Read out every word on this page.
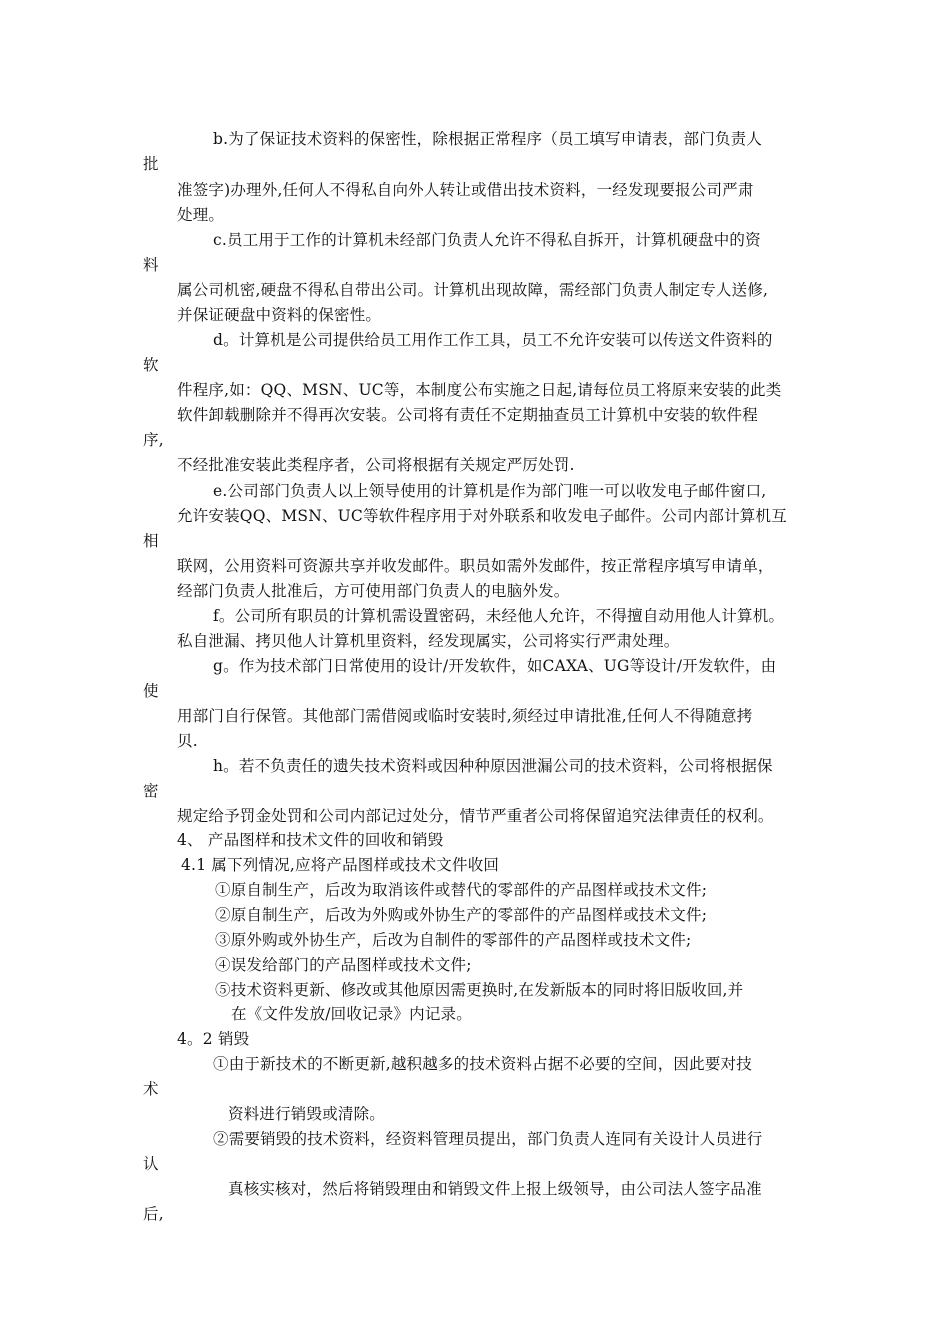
b.为了保证技术资料的保密性，除根据正常程序（员工填写申请表，部门负责人
批
准签字)办理外,任何人不得私自向外人转让或借出技术资料，一经发现要报公司严肃
处理。
c.员工用于工作的计算机未经部门负责人允许不得私自拆开，计算机硬盘中的资
料
属公司机密,硬盘不得私自带出公司。计算机出现故障，需经部门负责人制定专人送修,
并保证硬盘中资料的保密性。
d。计算机是公司提供给员工用作工作工具，员工不允许安装可以传送文件资料的
软
件程序,如：QQ、MSN、UC等，本制度公布实施之日起,请每位员工将原来安装的此类
软件卸载删除并不得再次安装。公司将有责任不定期抽查员工计算机中安装的软件程
序,
不经批准安装此类程序者，公司将根据有关规定严厉处罚.
e.公司部门负责人以上领导使用的计算机是作为部门唯一可以收发电子邮件窗口,
允许安装QQ、MSN、UC等软件程序用于对外联系和收发电子邮件。公司内部计算机互
相
联网，公用资料可资源共享并收发邮件。职员如需外发邮件，按正常程序填写申请单，
经部门负责人批准后，方可使用部门负责人的电脑外发。
f。公司所有职员的计算机需设置密码，未经他人允许，不得擅自动用他人计算机。
私自泄漏、拷贝他人计算机里资料，经发现属实，公司将实行严肃处理。
g。作为技术部门日常使用的设计/开发软件，如CAXA、UG等设计/开发软件，由
使
用部门自行保管。其他部门需借阅或临时安装时,须经过申请批准,任何人不得随意拷
贝.
h。若不负责任的遗失技术资料或因种种原因泄漏公司的技术资料，公司将根据保
密
规定给予罚金处罚和公司内部记过处分，情节严重者公司将保留追究法律责任的权利。
4、 产品图样和技术文件的回收和销毁
4.1 属下列情况,应将产品图样或技术文件收回
①原自制生产，后改为取消该件或替代的零部件的产品图样或技术文件;
②原自制生产，后改为外购或外协生产的零部件的产品图样或技术文件;
③原外购或外协生产，后改为自制件的零部件的产品图样或技术文件;
④误发给部门的产品图样或技术文件;
⑤技术资料更新、修改或其他原因需更换时,在发新版本的同时将旧版收回,并
在《文件发放/回收记录》内记录。
4。2 销毁
①由于新技术的不断更新,越积越多的技术资料占据不必要的空间，因此要对技
术
资料进行销毁或清除。
②需要销毁的技术资料，经资料管理员提出，部门负责人连同有关设计人员进行
认
真核实核对，然后将销毁理由和销毁文件上报上级领导，由公司法人签字品准
后,
